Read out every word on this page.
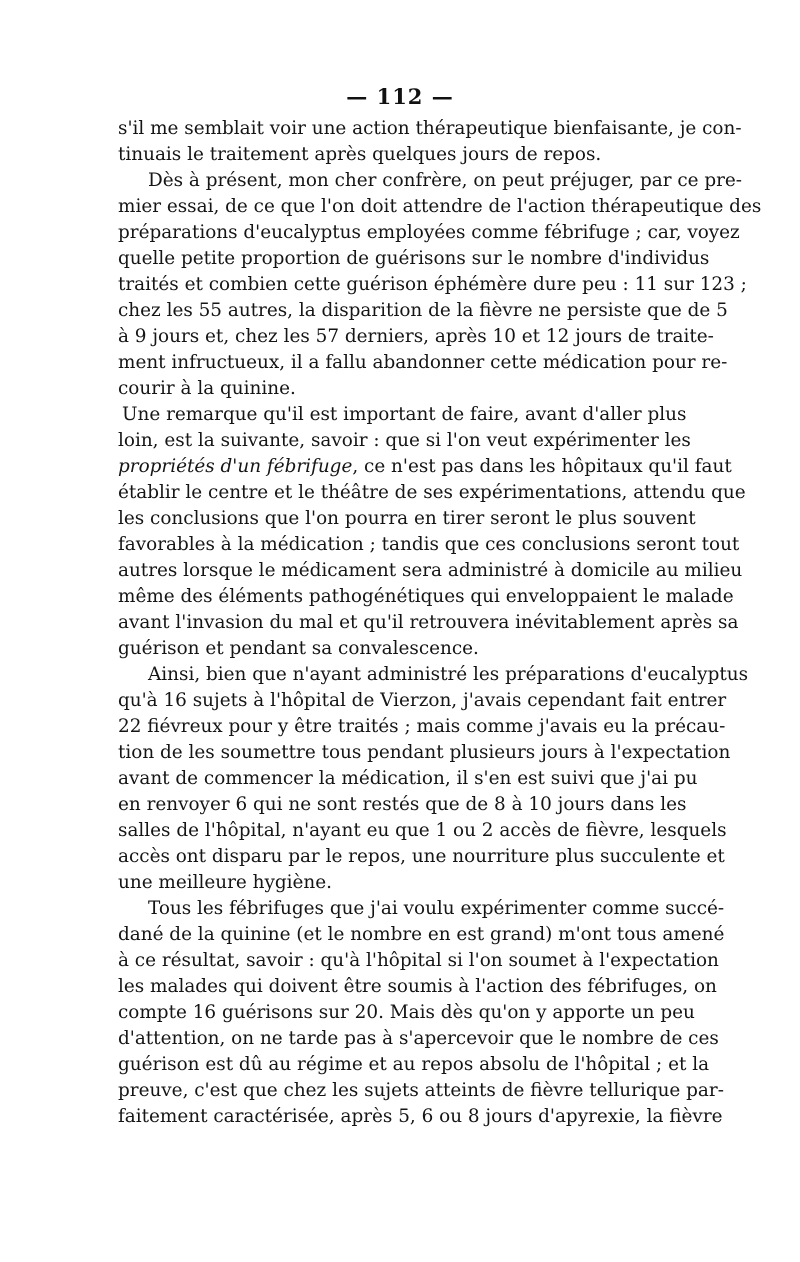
— 112 —
s'il me semblait voir une action thérapeutique bienfaisante, je con-
tinuais le traitement après quelques jours de repos.
Dès à présent, mon cher confrère, on peut préjuger, par ce pre-
mier essai, de ce que l'on doit attendre de l'action thérapeutique des
préparations d'eucalyptus employées comme fébrifuge ; car, voyez
quelle petite proportion de guérisons sur le nombre d'individus
traités et combien cette guérison éphémère dure peu : 11 sur 123 ;
chez les 55 autres, la disparition de la fièvre ne persiste que de 5
à 9 jours et, chez les 57 derniers, après 10 et 12 jours de traite-
ment infructueux, il a fallu abandonner cette médication pour re-
courir à la quinine.
Une remarque qu'il est important de faire, avant d'aller plus
loin, est la suivante, savoir : que si l'on veut expérimenter les
propriétés d'un fébrifuge, ce n'est pas dans les hôpitaux qu'il faut
établir le centre et le théâtre de ses expérimentations, attendu que
les conclusions que l'on pourra en tirer seront le plus souvent
favorables à la médication ; tandis que ces conclusions seront tout
autres lorsque le médicament sera administré à domicile au milieu
même des éléments pathogénétiques qui enveloppaient le malade
avant l'invasion du mal et qu'il retrouvera inévitablement après sa
guérison et pendant sa convalescence.
Ainsi, bien que n'ayant administré les préparations d'eucalyptus
qu'à 16 sujets à l'hôpital de Vierzon, j'avais cependant fait entrer
22 fiévreux pour y être traités ; mais comme j'avais eu la précau-
tion de les soumettre tous pendant plusieurs jours à l'expectation
avant de commencer la médication, il s'en est suivi que j'ai pu
en renvoyer 6 qui ne sont restés que de 8 à 10 jours dans les
salles de l'hôpital, n'ayant eu que 1 ou 2 accès de fièvre, lesquels
accès ont disparu par le repos, une nourriture plus succulente et
une meilleure hygiène.
Tous les fébrifuges que j'ai voulu expérimenter comme succé-
dané de la quinine (et le nombre en est grand) m'ont tous amené
à ce résultat, savoir : qu'à l'hôpital si l'on soumet à l'expectation
les malades qui doivent être soumis à l'action des fébrifuges, on
compte 16 guérisons sur 20. Mais dès qu'on y apporte un peu
d'attention, on ne tarde pas à s'apercevoir que le nombre de ces
guérison est dû au régime et au repos absolu de l'hôpital ; et la
preuve, c'est que chez les sujets atteints de fièvre tellurique par-
faitement caractérisée, après 5, 6 ou 8 jours d'apyrexie, la fièvre
